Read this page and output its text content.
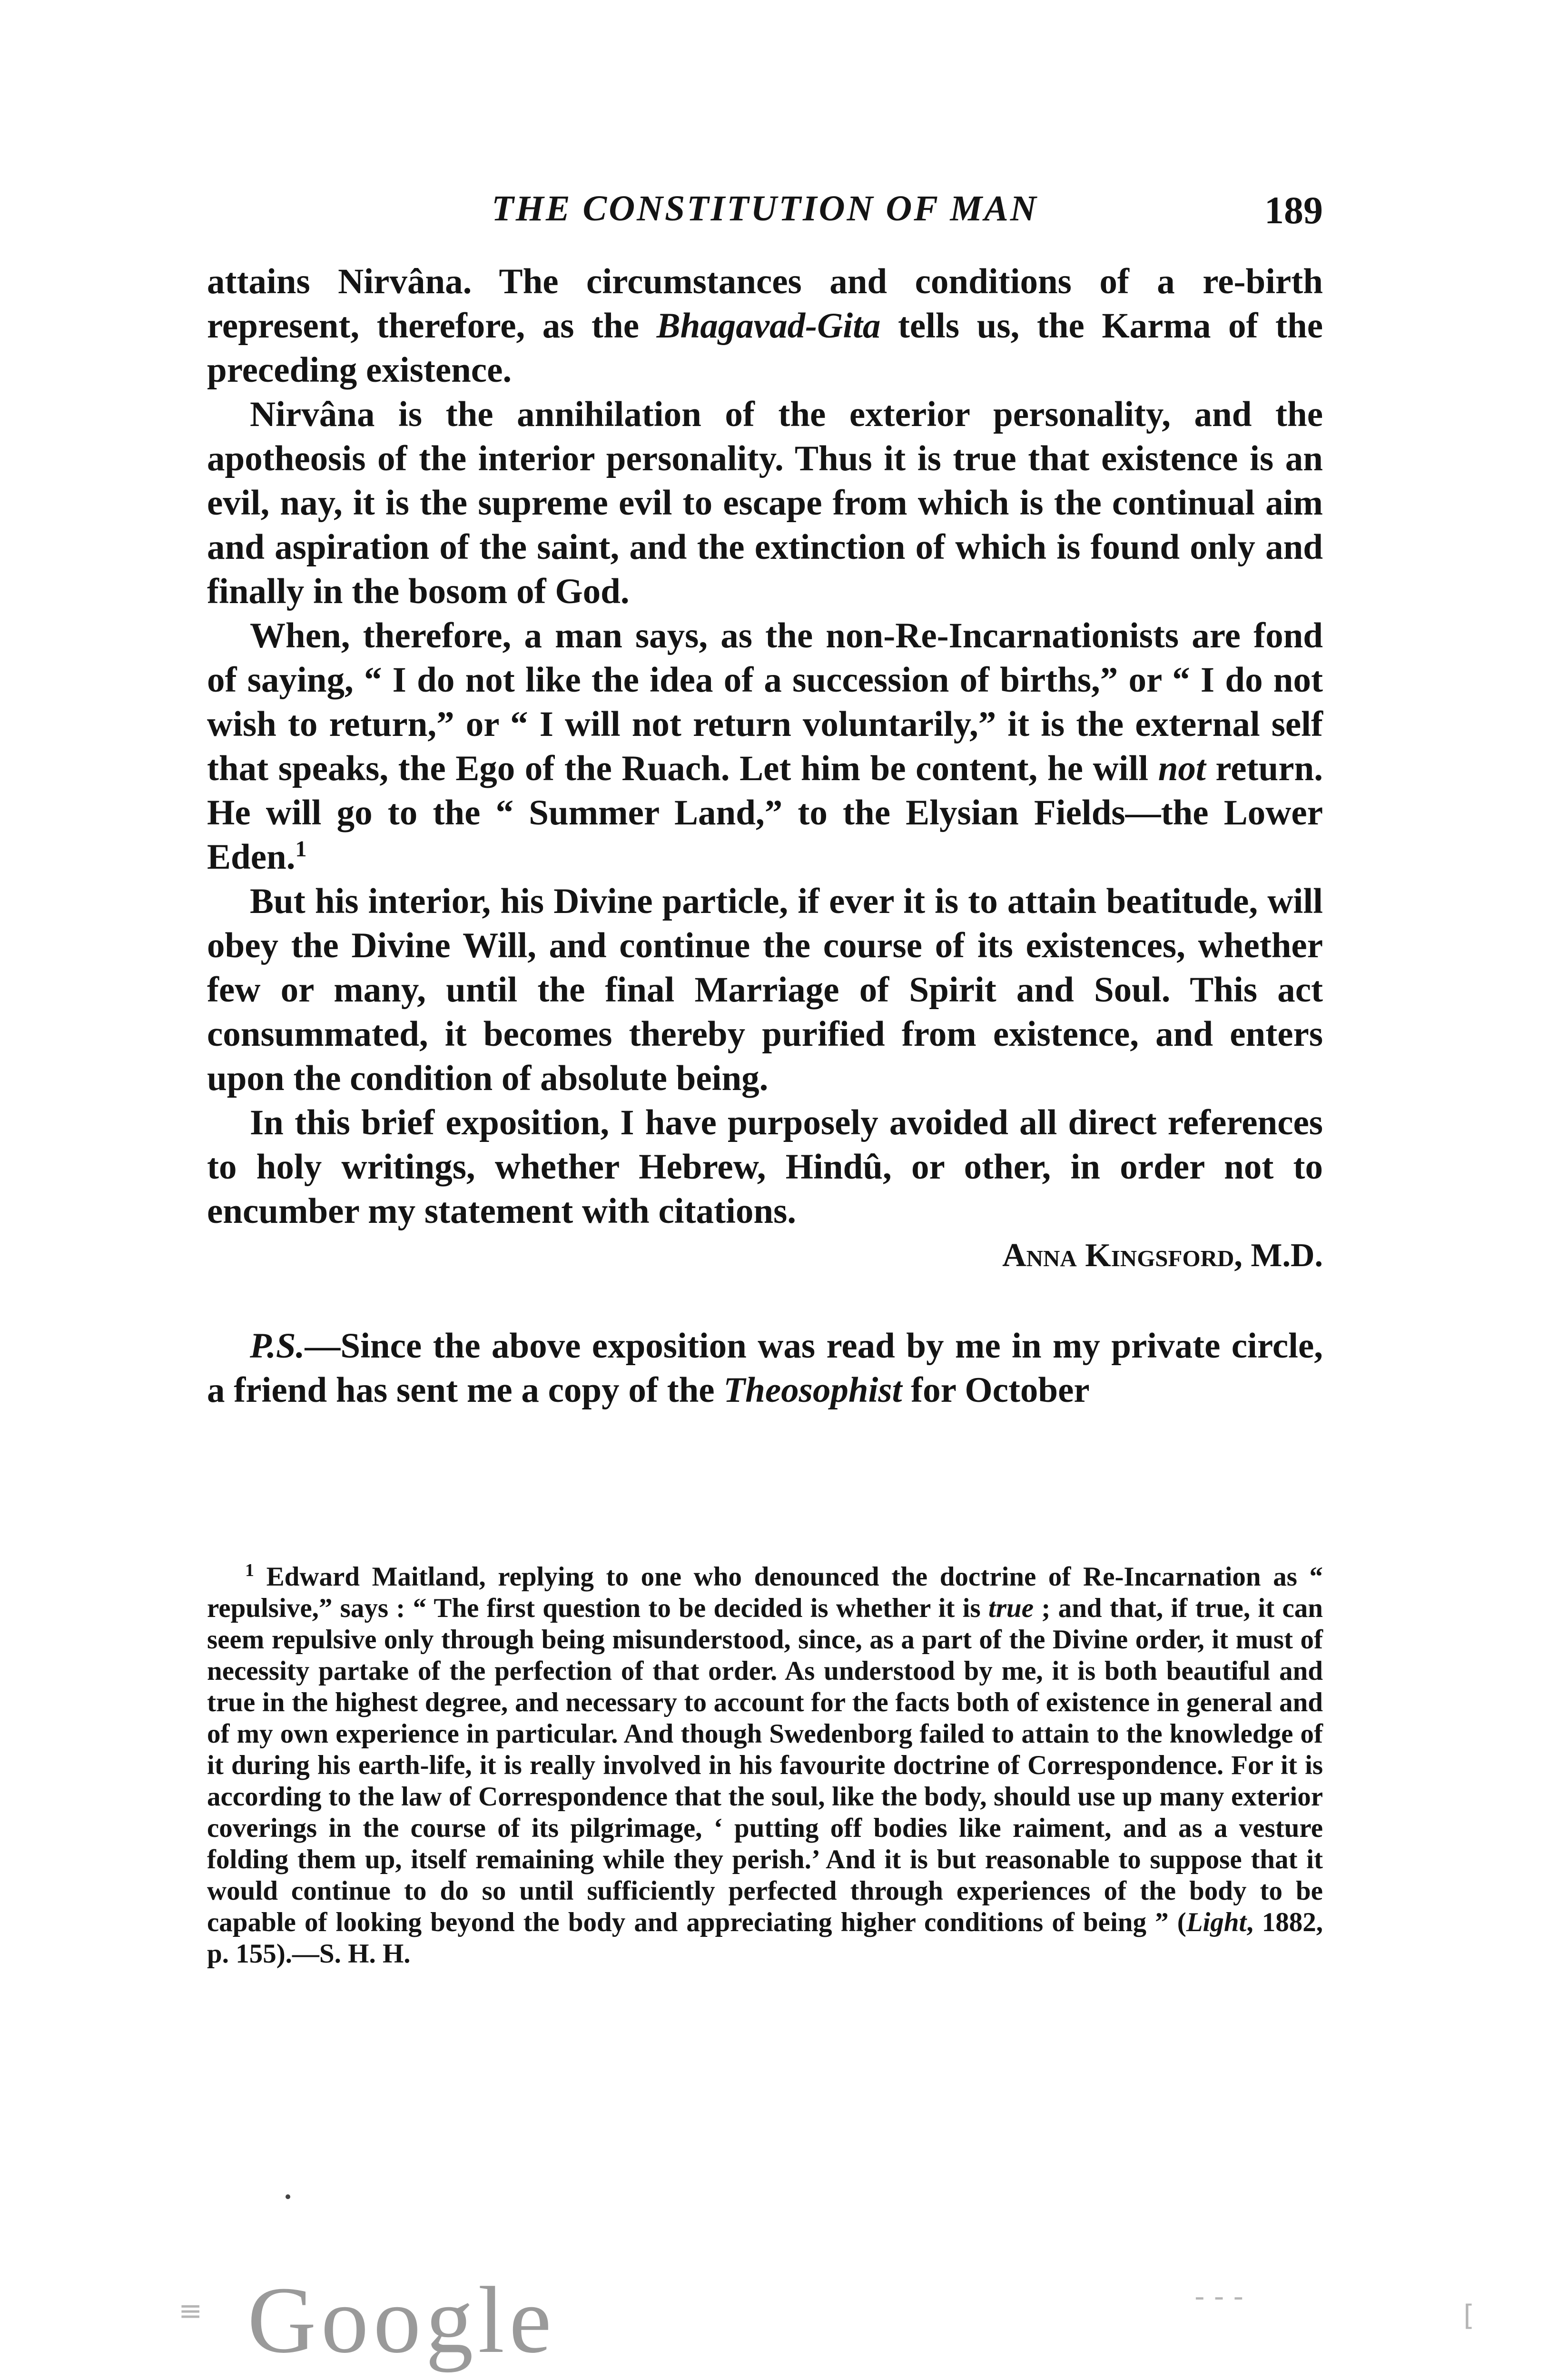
THE CONSTITUTION OF MAN	189

attains Nirvâna. The circumstances and conditions of a re-birth represent, therefore, as the Bhagavad-Gita tells us, the Karma of the preceding existence.

Nirvâna is the annihilation of the exterior personality, and the apotheosis of the interior personality. Thus it is true that existence is an evil, nay, it is the supreme evil to escape from which is the continual aim and aspiration of the saint, and the extinction of which is found only and finally in the bosom of God.

When, therefore, a man says, as the non-Re-Incarnationists are fond of saying, “ I do not like the idea of a succession of births,” or “ I do not wish to return,” or “ I will not return voluntarily,” it is the external self that speaks, the Ego of the Ruach. Let him be content, he will not return. He will go to the “ Summer Land,” to the Elysian Fields—the Lower Eden.$^1$

But his interior, his Divine particle, if ever it is to attain beatitude, will obey the Divine Will, and continue the course of its existences, whether few or many, until the final Marriage of Spirit and Soul. This act consummated, it becomes thereby purified from existence, and enters upon the condition of absolute being.

In this brief exposition, I have purposely avoided all direct references to holy writings, whether Hebrew, Hindû, or other, in order not to encumber my statement with citations.

Anna Kingsford, M.D.

P.S.—Since the above exposition was read by me in my private circle, a friend has sent me a copy of the Theosophist for October

$^1$ Edward Maitland, replying to one who denounced the doctrine of Re-Incarnation as “ repulsive,” says : “ The first question to be decided is whether it is true ; and that, if true, it can seem repulsive only through being misunderstood, since, as a part of the Divine order, it must of necessity partake of the perfection of that order. As understood by me, it is both beautiful and true in the highest degree, and necessary to account for the facts both of existence in general and of my own experience in particular. And though Swedenborg failed to attain to the knowledge of it during his earth-life, it is really involved in his favourite doctrine of Correspondence. For it is according to the law of Correspondence that the soul, like the body, should use up many exterior coverings in the course of its pilgrimage, ‘ putting off bodies like raiment, and as a vesture folding them up, itself remaining while they perish.’ And it is but reasonable to suppose that it would continue to do so until sufficiently perfected through experiences of the body to be capable of looking beyond the body and appreciating higher conditions of being ” (Light, 1882, p. 155).—S. H. H.
Google
≡	‐ ‐ ‐
[
